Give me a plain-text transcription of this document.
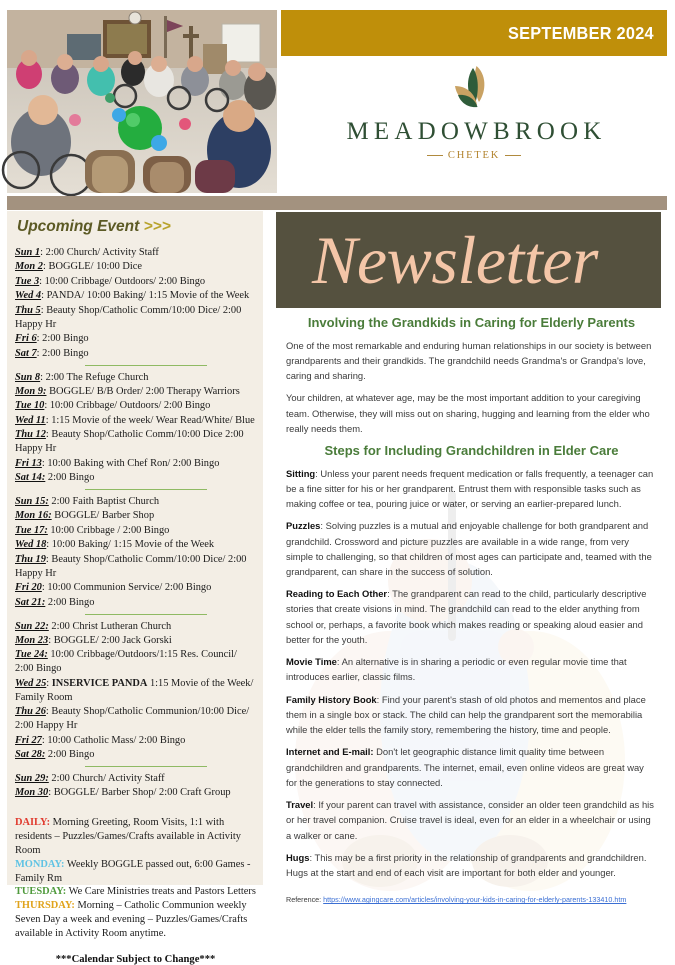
SEPTEMBER 2024
MEADOWBROOK
CHETEK
Upcoming Event >>>
Sun 1: 2:00 Church/ Activity Staff
Mon 2: BOGGLE/ 10:00 Dice
Tue 3: 10:00 Cribbage/ Outdoors/ 2:00 Bingo
Wed 4: PANDA/ 10:00 Baking/ 1:15 Movie of the Week
Thu 5: Beauty Shop/Catholic Comm/10:00 Dice/ 2:00 Happy Hr
Fri 6: 2:00 Bingo
Sat 7: 2:00 Bingo
Sun 8: 2:00 The Refuge Church
Mon 9: BOGGLE/ B/B Order/ 2:00 Therapy Warriors
Tue 10: 10:00 Cribbage/ Outdoors/ 2:00 Bingo
Wed 11: 1:15 Movie of the week/ Wear Read/White/ Blue
Thu 12: Beauty Shop/Catholic Comm/10:00 Dice 2:00 Happy Hr
Fri 13: 10:00 Baking with Chef Ron/ 2:00 Bingo
Sat 14: 2:00 Bingo
Sun 15: 2:00 Faith Baptist Church
Mon 16: BOGGLE/ Barber Shop
Tue 17: 10:00 Cribbage / 2:00 Bingo
Wed 18: 10:00 Baking/ 1:15 Movie of the Week
Thu 19: Beauty Shop/Catholic Comm/10:00 Dice/ 2:00 Happy Hr
Fri 20: 10:00 Communion Service/ 2:00 Bingo
Sat 21: 2:00 Bingo
Sun 22: 2:00 Christ Lutheran Church
Mon 23: BOGGLE/ 2:00 Jack Gorski
Tue 24: 10:00 Cribbage/Outdoors/1:15 Res. Council/ 2:00 Bingo
Wed 25: INSERVICE PANDA 1:15 Movie of the Week/ Family Room
Thu 26: Beauty Shop/Catholic Communion/10:00 Dice/ 2:00 Happy Hr
Fri 27: 10:00 Catholic Mass/ 2:00 Bingo
Sat 28: 2:00 Bingo
Sun 29: 2:00 Church/ Activity Staff
Mon 30: BOGGLE/ Barber Shop/ 2:00 Craft Group

DAILY: Morning Greeting, Room Visits, 1:1 with residents – Puzzles/Games/Crafts available in Activity Room

MONDAY: Weekly BOGGLE passed out, 6:00 Games - Family Rm

TUESDAY: We Care Ministries treats and Pastors Letters

THURSDAY: Morning – Catholic Communion weekly

Seven Day a week and evening – Puzzles/Games/Crafts available in Activity Room anytime.

***Calendar Subject to Change***
Newsletter
Involving the Grandkids in Caring for Elderly Parents

One of the most remarkable and enduring human relationships in our society is between grandparents and their grandkids. The grandchild needs Grandma's or Grandpa's love, caring and sharing.

Your children, at whatever age, may be the most important addition to your caregiving team. Otherwise, they will miss out on sharing, hugging and learning from the elder who really needs them.

Steps for Including Grandchildren in Elder Care

Sitting: Unless your parent needs frequent medication or falls frequently, a teenager can be a fine sitter for his or her grandparent. Entrust them with responsible tasks such as making coffee or tea, pouring juice or water, or serving an earlier-prepared lunch.

Puzzles: Solving puzzles is a mutual and enjoyable challenge for both grandparent and grandchild. Crossword and picture puzzles are available in a wide range, from very simple to challenging, so that children of most ages can participate and, teamed with the grandparent, can share in the success of solution.

Reading to Each Other: The grandparent can read to the child, particularly descriptive stories that create visions in mind. The grandchild can read to the elder anything from school or, perhaps, a favorite book which makes reading or speaking aloud easier and better for the youth.

Movie Time: An alternative is in sharing a periodic or even regular movie time that introduces earlier, classic films.

Family History Book: Find your parent's stash of old photos and mementos and place them in a single box or stack. The child can help the grandparent sort the memorabilia while the elder tells the family story, remembering the history, time and people.

Internet and E-mail: Don't let geographic distance limit quality time between grandchildren and grandparents. The internet, email, even online videos are great way for the generations to stay connected.

Travel: If your parent can travel with assistance, consider an older teen grandchild as his or her travel companion. Cruise travel is ideal, even for an elder in a wheelchair or using a walker or cane.

Hugs: This may be a first priority in the relationship of grandparents and grandchildren. Hugs at the start and end of each visit are important for both elder and younger.

Reference: https://www.agingcare.com/articles/involving-your-kids-in-caring-for-elderly-parents-133410.htm
